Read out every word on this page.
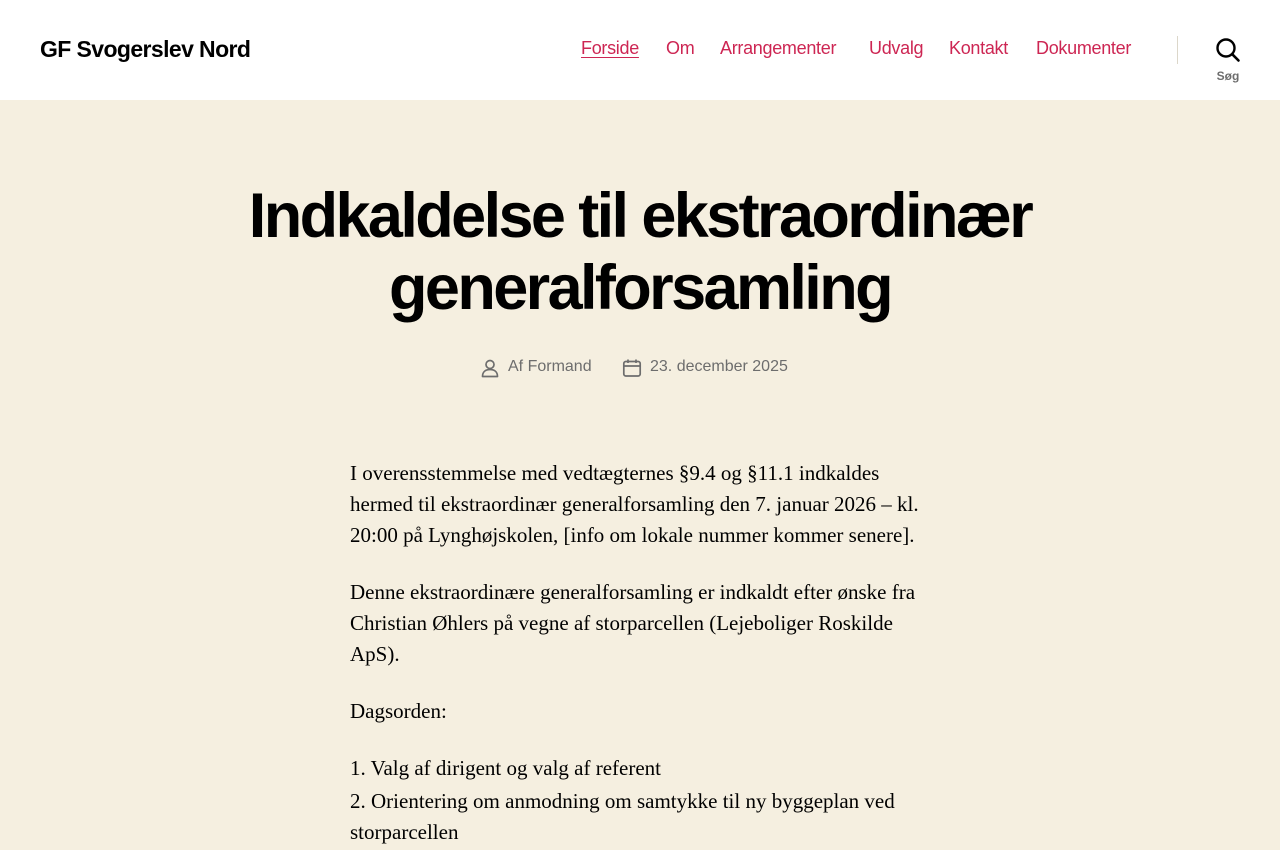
GF Svogerslev Nord	Forside Om Arrangementer Udvalg Kontakt Dokumenter
Søg
Indkaldelse til ekstraordinær generalforsamling
Af Formand	23. december 2025

I overensstemmelse med vedtægternes §9.4 og §11.1 indkaldes hermed til ekstraordinær generalforsamling den 7. januar 2026 – kl. 20:00 på Lynghøjskolen, [info om lokale nummer kommer senere].

Denne ekstraordinære generalforsamling er indkaldt efter ønske fra Christian Øhlers på vegne af storparcellen (Lejeboliger Roskilde ApS).

Dagsorden:

1. Valg af dirigent og valg af referent

2. Orientering om anmodning om samtykke til ny byggeplan ved storparcellen
